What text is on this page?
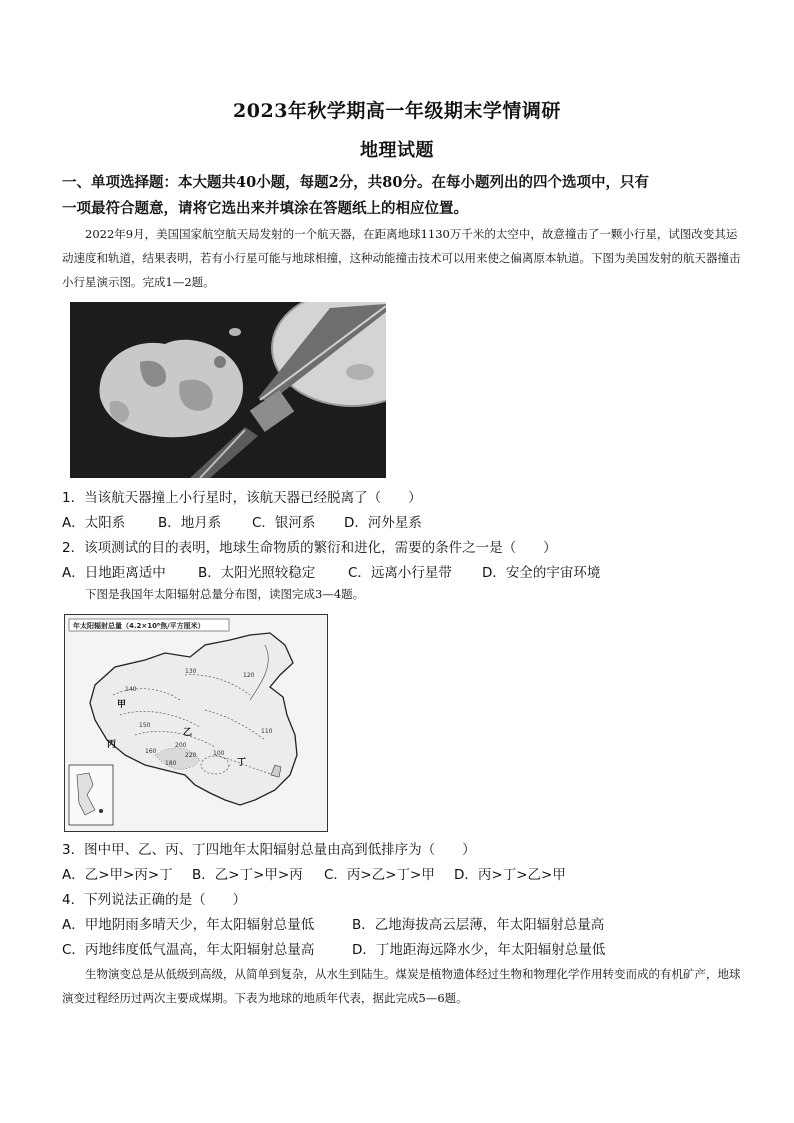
2023年秋学期高一年级期末学情调研
地理试题
一、单项选择题：本大题共40小题，每题2分，共80分。在每小题列出的四个选项中，只有
一项最符合题意，请将它选出来并填涂在答题纸上的相应位置。
2022年9月，美国国家航空航天局发射的一个航天器，在距离地球1130万千米的太空中，故意撞击了一颗小行星，试图改变其运动速度和轨道，结果表明，若有小行星可能与地球相撞，这种动能撞击技术可以用来使之偏离原本轨道。下图为美国发射的航天器撞击小行星演示图。完成1—2题。
1．当该航天器撞上小行星时，该航天器已经脱离了（　　）
A．太阳系 B．地月系 C．银河系 D．河外星系
2．该项测试的目的表明，地球生命物质的繁衍和进化，需要的条件之一是（　　）
A．日地距离适中 B．太阳光照较稳定 C．远离小行星带 D．安全的宇宙环境
下图是我国年太阳辐射总量分布图，读图完成3—4题。
年太阳辐射总量（4.2×10⁸焦/平方厘米）
140
130
120
110
100
150
160
180
200
220
甲
乙
丙
丁
3．图中甲、乙、丙、丁四地年太阳辐射总量由高到低排序为（　　）
A．乙>甲>丙>丁 B．乙>丁>甲>丙 C．丙>乙>丁>甲 D．丙>丁>乙>甲
4．下列说法正确的是（　　）
A．甲地阴雨多晴天少，年太阳辐射总量低	B．乙地海拔高云层薄，年太阳辐射总量高
C．丙地纬度低气温高，年太阳辐射总量高	D．丁地距海远降水少，年太阳辐射总量低
生物演变总是从低级到高级，从简单到复杂，从水生到陆生。煤炭是植物遗体经过生物和物理化学作用转变而成的有机矿产，地球演变过程经历过两次主要成煤期。下表为地球的地质年代表，据此完成5—6题。
